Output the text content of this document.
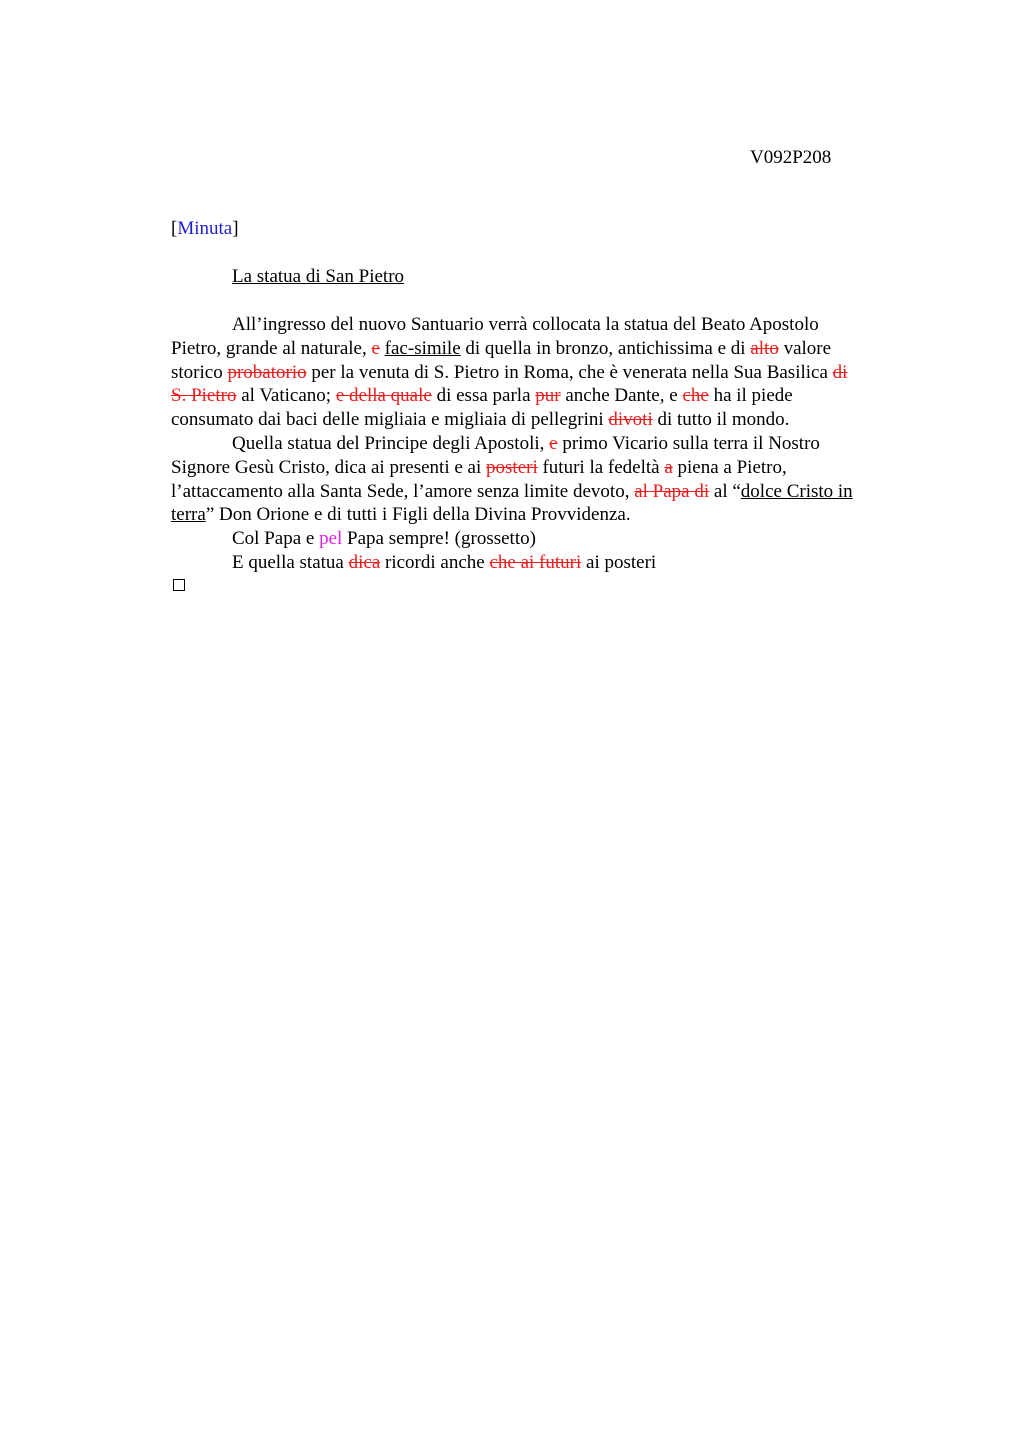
V092P208
[Minuta]
La statua di San Pietro

All’ingresso del nuovo Santuario verrà collocata la statua del Beato Apostolo
Pietro, grande al naturale, e fac-simile di quella in bronzo, antichissima e di alto valore
storico probatorio per la venuta di S. Pietro in Roma, che è venerata nella Sua Basilica di
S. Pietro al Vaticano; e della quale di essa parla pur anche Dante, e che ha il piede
consumato dai baci delle migliaia e migliaia di pellegrini divoti di tutto il mondo.

Quella statua del Principe degli Apostoli, e primo Vicario sulla terra il Nostro
Signore Gesù Cristo, dica ai presenti e ai posteri futuri la fedeltà a piena a Pietro,
l’attaccamento alla Santa Sede, l’amore senza limite devoto, al Papa di al “dolce Cristo in
terra” Don Orione e di tutti i Figli della Divina Provvidenza.

Col Papa e pel Papa sempre! (grossetto)

E quella statua dica ricordi anche che ai futuri ai posteri
